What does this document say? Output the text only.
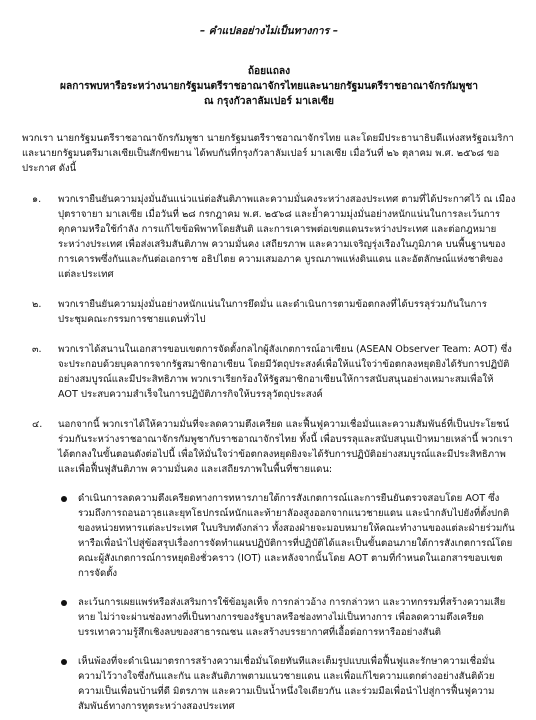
– คำแปลอย่างไม่เป็นทางการ –

ถ้อยแถลง

ผลการพบหารือระหว่างนายกรัฐมนตรีราชอาณาจักรไทยและนายกรัฐมนตรีราชอาณาจักรกัมพูชา

ณ กรุงกัวลาลัมเปอร์ มาเลเซีย

พวกเรา นายกรัฐมนตรีราชอาณาจักรกัมพูชา นายกรัฐมนตรีราชอาณาจักรไทย และโดยมีประธานาธิบดีแห่งสหรัฐอเมริกาและนายกรัฐมนตรีมาเลเซียเป็นสักขีพยาน ได้พบกันที่กรุงกัวลาลัมเปอร์ มาเลเซีย เมื่อวันที่ ๒๖ ตุลาคม พ.ศ. ๒๕๖๘ ขอประกาศ ดังนี้

๑.	พวกเรายืนยันความมุ่งมั่นอันแน่วแน่ต่อสันติภาพและความมั่นคงระหว่างสองประเทศ ตามที่ได้ประกาศไว้ ณ เมืองปุตราจายา มาเลเซีย เมื่อวันที่ ๒๘ กรกฎาคม พ.ศ. ๒๕๖๘ และย้ำความมุ่งมั่นอย่างหนักแน่นในการละเว้นการคุกคามหรือใช้กำลัง การแก้ไขข้อพิพาทโดยสันติ และการเคารพต่อเขตแดนระหว่างประเทศ และต่อกฎหมายระหว่างประเทศ เพื่อส่งเสริมสันติภาพ ความมั่นคง เสถียรภาพ และความเจริญรุ่งเรืองในภูมิภาค บนพื้นฐานของการเคารพซึ่งกันและกันต่อเอกราช อธิปไตย ความเสมอภาค บูรณภาพแห่งดินแดน และอัตลักษณ์แห่งชาติของแต่ละประเทศ
๒.	พวกเรายืนยันความมุ่งมั่นอย่างหนักแน่นในการยึดมั่น และดำเนินการตามข้อตกลงที่ได้บรรลุร่วมกันในการประชุมคณะกรรมการชายแดนทั่วไป
๓.	พวกเราได้สนานในเอกสารขอบเขตการจัดตั้งกลไกผู้สังเกตการณ์อาเซียน (ASEAN Observer Team: AOT) ซึ่งจะประกอบด้วยบุคลากรจากรัฐสมาชิกอาเซียน โดยมีวัตถุประสงค์เพื่อให้แน่ใจว่าข้อตกลงหยุดยิงได้รับการปฏิบัติอย่างสมบูรณ์และมีประสิทธิภาพ พวกเราเรียกร้องให้รัฐสมาชิกอาเซียนให้การสนับสนุนอย่างเหมาะสมเพื่อให้ AOT ประสบความสำเร็จในการปฏิบัติภารกิจให้บรรลุวัตถุประสงค์
๔.	นอกจากนี้ พวกเราได้ให้ความมั่นที่จะลดความตึงเครียด และฟื้นฟูความเชื่อมั่นและความสัมพันธ์ที่เป็นประโยชน์ร่วมกันระหว่างราชอาณาจักรกัมพูชากับราชอาณาจักรไทย ทั้งนี้ เพื่อบรรลุและสนับสนุนเป้าหมายเหล่านี้ พวกเราได้ตกลงในขั้นตอนดังต่อไปนี้ เพื่อให้มั่นใจว่าข้อตกลงหยุดยิงจะได้รับการปฏิบัติอย่างสมบูรณ์และมีประสิทธิภาพ และเพื่อฟื้นฟูสันติภาพ ความมั่นคง และเสถียรภาพในพื้นที่ชายแดน:
ดำเนินการลดความตึงเครียดทางการทหารภายใต้การสังเกตการณ์และการยืนยันตรวจสอบโดย AOT ซึ่งรวมถึงการถอนอาวุธและยุทโธปกรณ์หนักและท้ายาลัองสูงออกจากแนวชายแดน และนำกลับไปยังที่ตั้งปกติของหน่วยทหารแต่ละประเทศ ในบริบทดังกล่าว ทั้งสองฝ่ายจะมอบหมายให้คณะทำงานของแต่ละฝ่ายร่วมกันหารือเพื่อนำไปสู่ข้อสรุปเรื่องการจัดทำแผนปฏิบัติการที่ปฏิบัติได้และเป็นขั้นตอนภายใต้การสังเกตการณ์โดยคณะผู้สังเกตการณ์การหยุดยิงชั่วคราว (IOT) และหลังจากนั้นโดย AOT ตามที่กำหนดในเอกสารขอบเขตการจัดตั้ง
ละเว้นการเผยแพร่หรือส่งเสริมการใช้ข้อมูลเท็จ การกล่าวอ้าง การกล่าวหา และวาทกรรมที่สร้างความเสียหาย ไม่ว่าจะผ่านช่องทางที่เป็นทางการของรัฐบาลหรือช่องทางไม่เป็นทางการ เพื่อลดความตึงเครียด บรรเทาความรู้สึกเชิงลบของสาธารณชน และสร้างบรรยากาศที่เอื้อต่อการหารืออย่างสันติ
เห็นพ้องที่จะดำเนินมาตรการสร้างความเชื่อมั่นโดยทันทีและเต็มรูปแบบเพื่อฟื้นฟูและรักษาความเชื่อมั่นความไว้วางใจซึ่งกันและกัน และสันติภาพตามแนวชายแดน และเพื่อแก้ไขความแตกต่างอย่างสันติด้วยความเป็นเพื่อนบ้านที่ดี มิตรภาพ และความเป็นน้ำหนึ่งใจเดียวกัน และร่วมมือเพื่อนำไปสู่การฟื้นฟูความสัมพันธ์ทางการทูตระหว่างสองประเทศ
